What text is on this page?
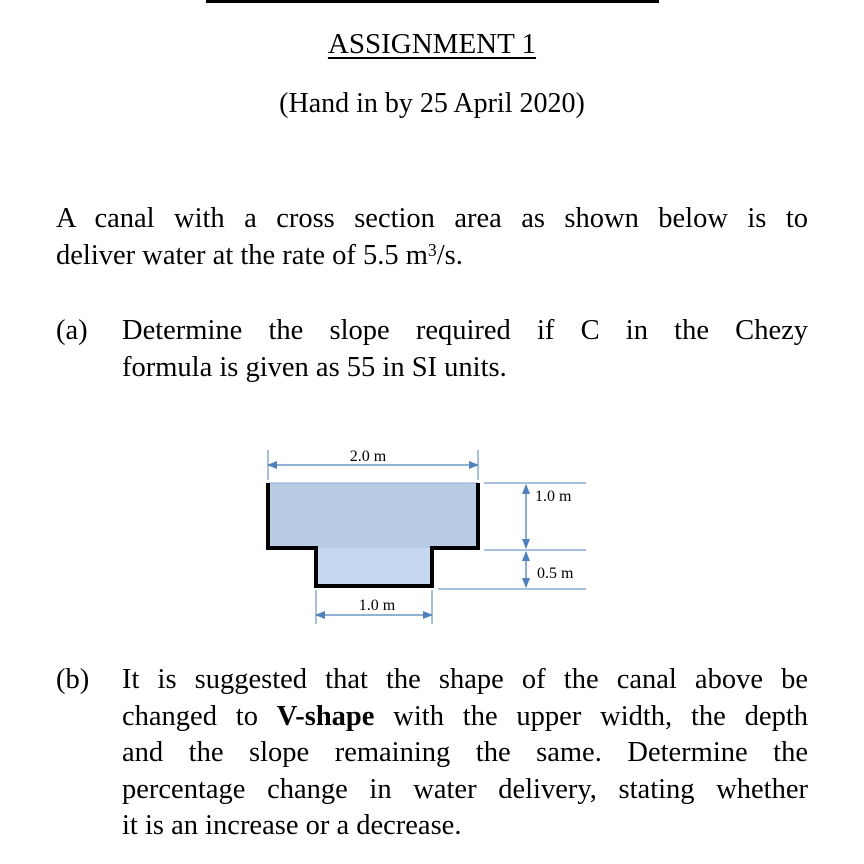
ASSIGNMENT 1
(Hand in by 25 April 2020)
A canal with a cross section area as shown below is to
deliver water at the rate of 5.5 $m^3/s$.
(a) Determine the slope required if C in the Chezy
formula is given as 55 in SI units.
2.0 m
1.0 m
1.0 m
0.5 m
(b) It is suggested that the shape of the canal above be
changed to V-shape with the upper width, the depth
and the slope remaining the same. Determine the
percentage change in water delivery, stating whether
it is an increase or a decrease.
